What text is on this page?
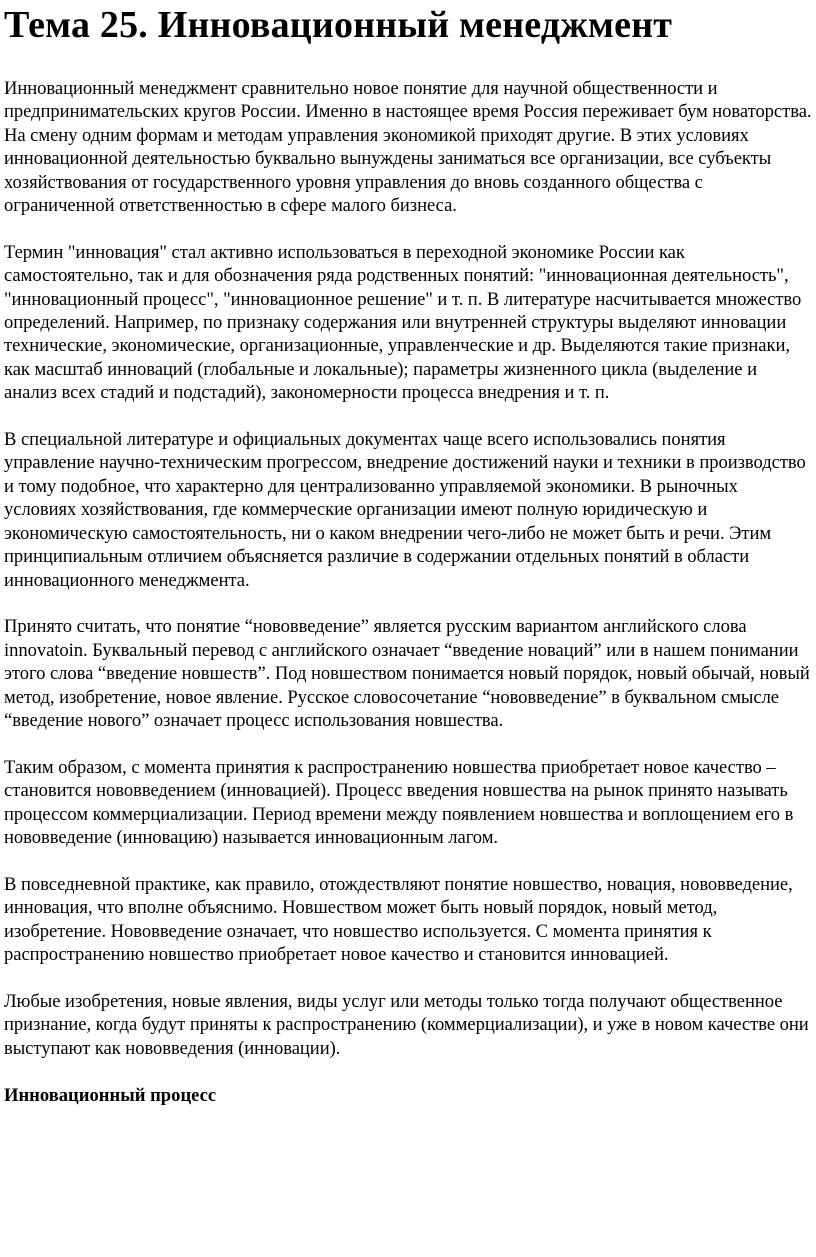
Тема 25. Инновационный менеджмент

Инновационный менеджмент сравнительно новое понятие для научной общественности и предпринимательских кругов России. Именно в настоящее время Россия переживает бум новаторства. На смену одним формам и методам управления экономикой приходят другие. В этих условиях инновационной деятельностью буквально вынуждены заниматься все организации, все субъекты хозяйствования от государственного уровня управления до вновь созданного общества с ограниченной ответственностью в сфере малого бизнеса.

Термин "инновация" стал активно использоваться в переходной экономике России как самостоятельно, так и для обозначения ряда родственных понятий: "инновационная деятельность", "инновационный процесс", "инновационное решение" и т. п. В литературе насчитывается множество определений. Например, по признаку содержания или внутренней структуры выделяют инновации технические, экономические, организационные, управленческие и др. Выделяются такие признаки, как масштаб инноваций (глобальные и локальные); параметры жизненного цикла (выделение и анализ всех стадий и подстадий), закономерности процесса внедрения и т. п.

В специальной литературе и официальных документах чаще всего использовались понятия управление научно-техническим прогрессом, внедрение достижений науки и техники в производство и тому подобное, что характерно для централизованно управляемой экономики. В рыночных условиях хозяйствования, где коммерческие организации имеют полную юридическую и экономическую самостоятельность, ни о каком внедрении чего-либо не может быть и речи. Этим принципиальным отличием объясняется различие в содержании отдельных понятий в области инновационного менеджмента.

Принято считать, что понятие “нововведение” является русским вариантом английского слова innovatoin. Буквальный перевод с английского означает “введение новаций” или в нашем понимании этого слова “введение новшеств”. Под новшеством понимается новый порядок, новый обычай, новый метод, изобретение, новое явление. Русское словосочетание “нововведение” в буквальном смысле “введение нового” означает процесс использования новшества.

Таким образом, с момента принятия к распространению новшества приобретает новое качество – становится нововведением (инновацией). Процесс введения новшества на рынок принято называть процессом коммерциализации. Период времени между появлением новшества и воплощением его в нововведение (инновацию) называется инновационным лагом.

В повседневной практике, как правило, отождествляют понятие новшество, новация, нововведение, инновация, что вполне объяснимо. Новшеством может быть новый порядок, новый метод, изобретение. Нововведение означает, что новшество используется. С момента принятия к распространению новшество приобретает новое качество и становится инновацией.

Любые изобретения, новые явления, виды услуг или методы только тогда получают общественное признание, когда будут приняты к распространению (коммерциализации), и уже в новом качестве они выступают как нововведения (инновации).

Инновационный процесс
